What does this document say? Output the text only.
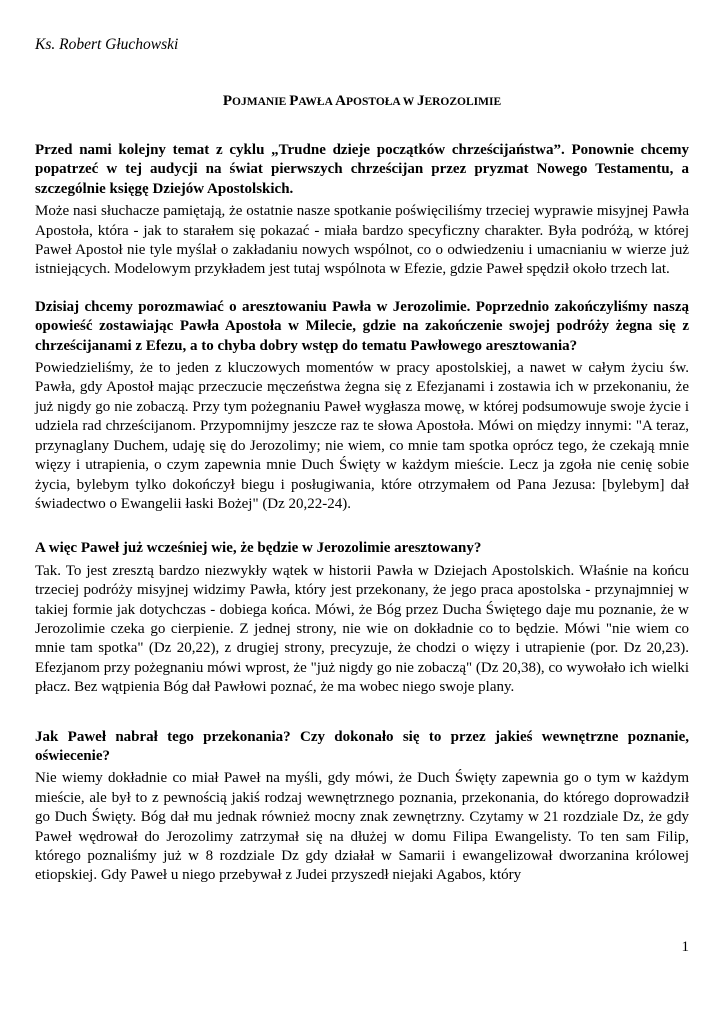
Ks. Robert Głuchowski
POJMANIE PAWŁA APOSTOŁA W JEROZOLIMIE

Przed nami kolejny temat z cyklu „Trudne dzieje początków chrześcijaństwa”. Ponownie chcemy popatrzeć w tej audycji na świat pierwszych chrześcijan przez pryzmat Nowego Testamentu, a szczególnie księgę Dziejów Apostolskich.

Może nasi słuchacze pamiętają, że ostatnie nasze spotkanie poświęciliśmy trzeciej wyprawie misyjnej Pawła Apostoła, która - jak to starałem się pokazać - miała bardzo specyficzny charakter. Była podróżą, w której Paweł Apostoł nie tyle myślał o zakładaniu nowych wspólnot, co o odwiedzeniu i umacnianiu w wierze już istniejących. Modelowym przykładem jest tutaj wspólnota w Efezie, gdzie Paweł spędził około trzech lat.

Dzisiaj chcemy porozmawiać o aresztowaniu Pawła w Jerozolimie. Poprzednio zakończyliśmy naszą opowieść zostawiając Pawła Apostoła w Milecie, gdzie na zakończenie swojej podróży żegna się z chrześcijanami z Efezu, a to chyba dobry wstęp do tematu Pawłowego aresztowania?

Powiedzieliśmy, że to jeden z kluczowych momentów w pracy apostolskiej, a nawet w całym życiu św. Pawła, gdy Apostoł mając przeczucie męczeństwa żegna się z Efezjanami i zostawia ich w przekonaniu, że już nigdy go nie zobaczą. Przy tym pożegnaniu Paweł wygłasza mowę, w której podsumowuje swoje życie i udziela rad chrześcijanom. Przypomnijmy jeszcze raz te słowa Apostoła. Mówi on między innymi: "A teraz, przynaglany Duchem, udaję się do Jerozolimy; nie wiem, co mnie tam spotka oprócz tego, że czekają mnie więzy i utrapienia, o czym zapewnia mnie Duch Święty w każdym mieście. Lecz ja zgoła nie cenię sobie życia, bylebym tylko dokończył biegu i posługiwania, które otrzymałem od Pana Jezusa: [bylebym] dał świadectwo o Ewangelii łaski Bożej" (Dz 20,22-24).

A więc Paweł już wcześniej wie, że będzie w Jerozolimie aresztowany?

Tak. To jest zresztą bardzo niezwykły wątek w historii Pawła w Dziejach Apostolskich. Właśnie na końcu trzeciej podróży misyjnej widzimy Pawła, który jest przekonany, że jego praca apostolska - przynajmniej w takiej formie jak dotychczas - dobiega końca. Mówi, że Bóg przez Ducha Świętego daje mu poznanie, że w Jerozolimie czeka go cierpienie. Z jednej strony, nie wie on dokładnie co to będzie. Mówi "nie wiem co mnie tam spotka" (Dz 20,22), z drugiej strony, precyzuje, że chodzi o więzy i utrapienie (por. Dz 20,23). Efezjanom przy pożegnaniu mówi wprost, że "już nigdy go nie zobaczą" (Dz 20,38), co wywołało ich wielki płacz. Bez wątpienia Bóg dał Pawłowi poznać, że ma wobec niego swoje plany.

Jak Paweł nabrał tego przekonania? Czy dokonało się to przez jakieś wewnętrzne poznanie, oświecenie?

Nie wiemy dokładnie co miał Paweł na myśli, gdy mówi, że Duch Święty zapewnia go o tym w każdym mieście, ale był to z pewnością jakiś rodzaj wewnętrznego poznania, przekonania, do którego doprowadził go Duch Święty. Bóg dał mu jednak również mocny znak zewnętrzny. Czytamy w 21 rozdziale Dz, że gdy Paweł wędrował do Jerozolimy zatrzymał się na dłużej w domu Filipa Ewangelisty. To ten sam Filip, którego poznaliśmy już w 8 rozdziale Dz gdy działał w Samarii i ewangelizował dworzanina królowej etiopskiej. Gdy Paweł u niego przebywał z Judei przyszedł niejaki Agabos, który

1
